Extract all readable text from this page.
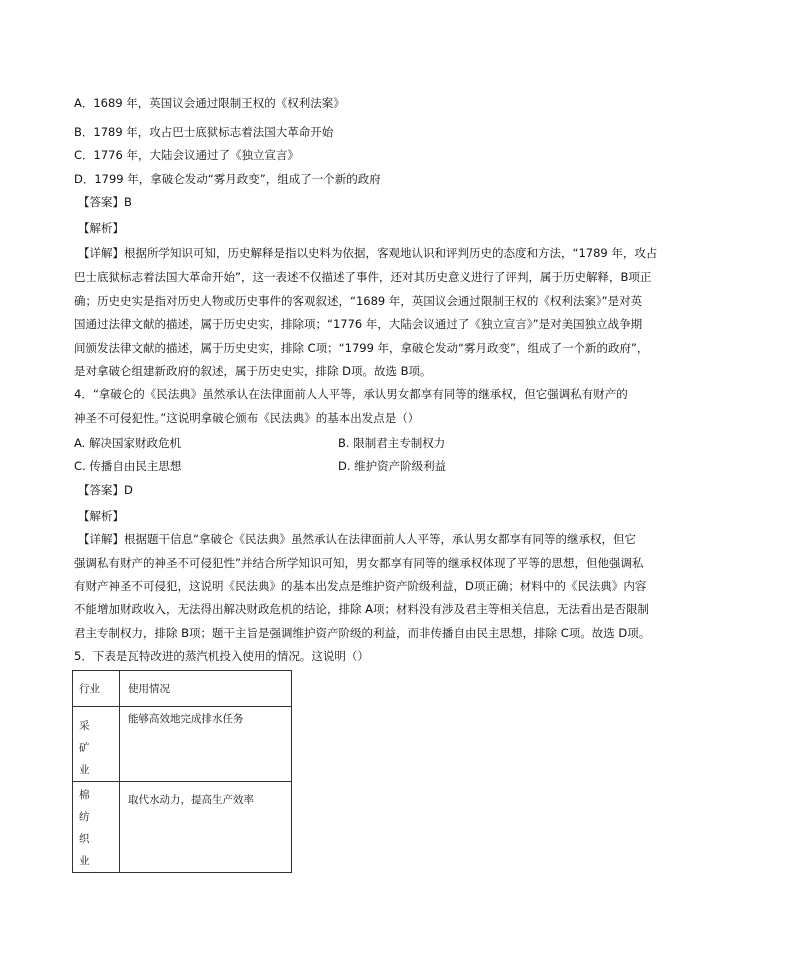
A．1689 年，英国议会通过限制王权的《权利法案》
B．1789 年，攻占巴士底狱标志着法国大革命开始
C．1776 年，大陆会议通过了《独立宣言》
D．1799 年，拿破仑发动“雾月政变”，组成了一个新的政府
【答案】B
【解析】
【详解】根据所学知识可知，历史解释是指以史料为依据，客观地认识和评判历史的态度和方法，“1789 年，攻占
巴士底狱标志着法国大革命开始”，这一表述不仅描述了事件，还对其历史意义进行了评判，属于历史解释，B项正
确；历史史实是指对历史人物或历史事件的客观叙述，“1689 年，英国议会通过限制王权的《权利法案》”是对英
国通过法律文献的描述，属于历史史实，排除项；“1776 年，大陆会议通过了《独立宣言》”是对美国独立战争期
间颁发法律文献的描述，属于历史史实，排除 C项；“1799 年，拿破仑发动“雾月政变”，组成了一个新的政府”，
是对拿破仑组建新政府的叙述，属于历史史实，排除 D项。故选 B项。
4．“拿破仑的《民法典》虽然承认在法律面前人人平等，承认男女都享有同等的继承权，但它强调私有财产的
神圣不可侵犯性。”这说明拿破仑颁布《民法典》的基本出发点是（）
A. 解决国家财政危机	B. 限制君主专制权力
C. 传播自由民主思想	D. 维护资产阶级利益
【答案】D
【解析】
【详解】根据题干信息“拿破仑《民法典》虽然承认在法律面前人人平等，承认男女都享有同等的继承权，但它
强调私有财产的神圣不可侵犯性”并结合所学知识可知，男女都享有同等的继承权体现了平等的思想，但他强调私
有财产神圣不可侵犯，这说明《民法典》的基本出发点是维护资产阶级利益，D项正确；材料中的《民法典》内容
不能增加财政收入，无法得出解决财政危机的结论，排除 A项；材料没有涉及君主等相关信息，无法看出是否限制
君主专制权力，排除 B项；题干主旨是强调维护资产阶级的利益，而非传播自由民主思想，排除 C项。故选 D项。
5．下表是瓦特改进的蒸汽机投入使用的情况。这说明（）
行业	使用情况

采
矿
业	能够高效地完成排水任务

棉
纺
织
业	取代水动力，提高生产效率
